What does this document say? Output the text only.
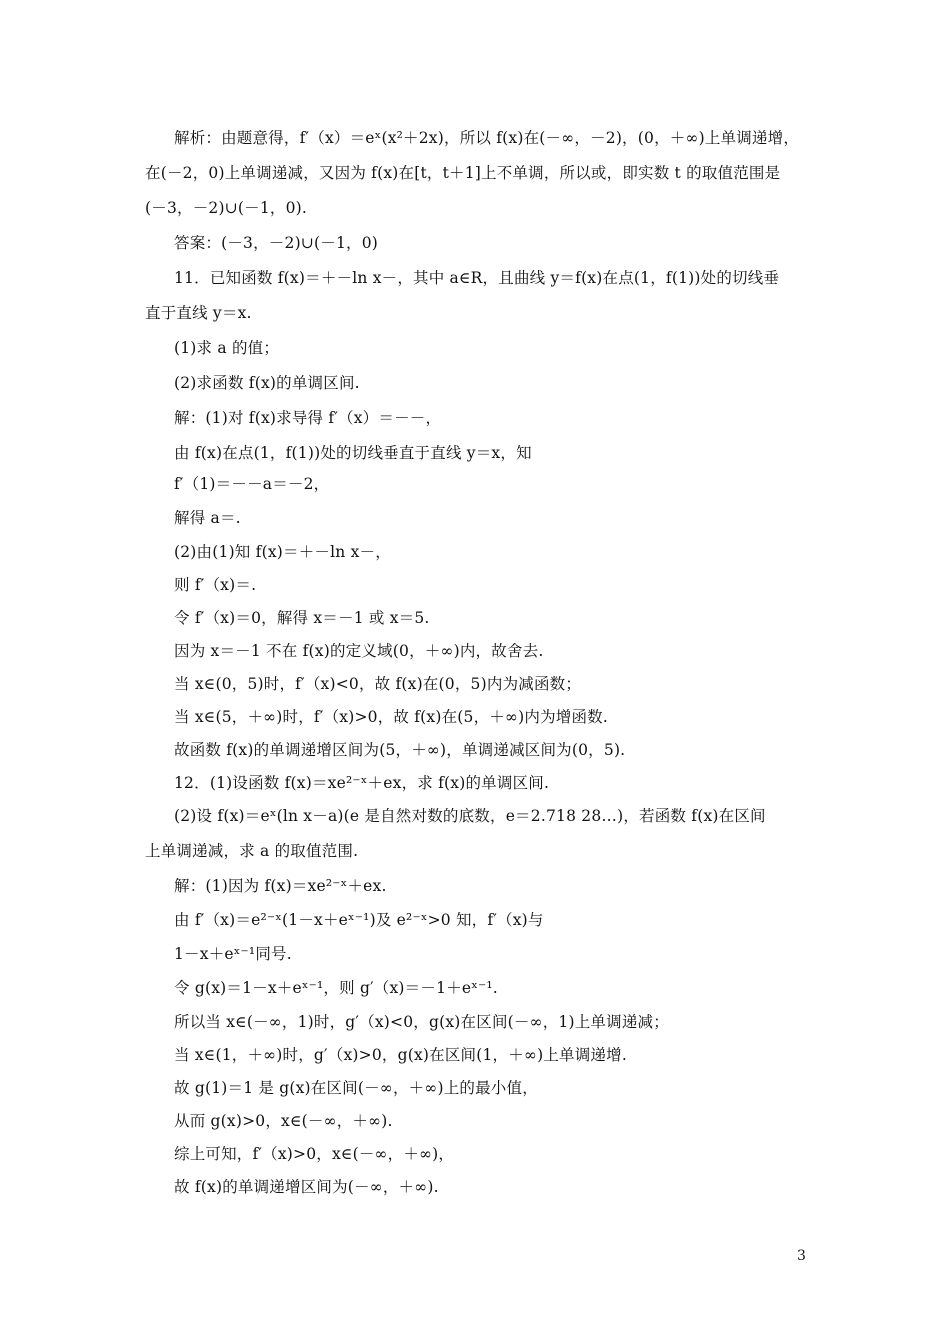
解析：由题意得，f′（x）＝eˣ(x²＋2x)，所以 f(x)在(－∞，－2)，(0，＋∞)上单调递增，
在(－2，0)上单调递减，又因为 f(x)在[t，t＋1]上不单调，所以或，即实数 t 的取值范围是
(－3，－2)∪(－1，0).
答案：(－3，－2)∪(－1，0)
11．已知函数 f(x)＝＋－ln x－，其中 a∈R，且曲线 y＝f(x)在点(1，f(1))处的切线垂
直于直线 y＝x.
(1)求 a 的值；
(2)求函数 f(x)的单调区间.
解：(1)对 f(x)求导得 f′（x）＝－－，
由 f(x)在点(1，f(1))处的切线垂直于直线 y＝x，知
f′（1)＝－－a＝－2，
解得 a＝.
(2)由(1)知 f(x)＝＋－ln x－，
则 f′（x)＝.
令 f′（x)＝0，解得 x＝－1 或 x＝5.
因为 x＝－1 不在 f(x)的定义域(0，＋∞)内，故舍去.
当 x∈(0，5)时，f′（x)<0，故 f(x)在(0，5)内为减函数；
当 x∈(5，＋∞)时，f′（x)>0，故 f(x)在(5，＋∞)内为增函数.
故函数 f(x)的单调递增区间为(5，＋∞)，单调递减区间为(0，5).
12．(1)设函数 f(x)＝xe²⁻ˣ＋ex，求 f(x)的单调区间.
(2)设 f(x)＝eˣ(ln x－a)(e 是自然对数的底数，e＝2.718 28…)，若函数 f(x)在区间
上单调递减，求 a 的取值范围.
解：(1)因为 f(x)＝xe²⁻ˣ＋ex.
由 f′（x)＝e²⁻ˣ(1－x＋eˣ⁻¹)及 e²⁻ˣ>0 知，f′（x)与
1－x＋eˣ⁻¹同号.
令 g(x)＝1－x＋eˣ⁻¹，则 g′（x)＝－1＋eˣ⁻¹.
所以当 x∈(－∞，1)时，g′（x)<0，g(x)在区间(－∞，1)上单调递减；
当 x∈(1，＋∞)时，g′（x)>0，g(x)在区间(1，＋∞)上单调递增.
故 g(1)＝1 是 g(x)在区间(－∞，＋∞)上的最小值，
从而 g(x)>0，x∈(－∞，＋∞).
综上可知，f′（x)>0，x∈(－∞，＋∞)，
故 f(x)的单调递增区间为(－∞，＋∞).
3
